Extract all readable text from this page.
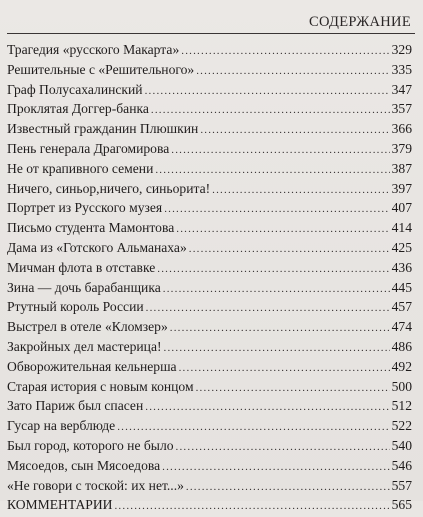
СОДЕРЖАНИЕ
Трагедия «русского Макарта» .....	329
Решительные с «Решительного» .....	335
Граф Полусахалинский .....	347
Проклятая Доггер-банка .....	357
Известный гражданин Плюшкин .....	366
Пень генерала Драгомирова .....	379
Не от крапивного семени .....	387
Ничего, синьор,ничего, синьорита! .....	397
Портрет из Русского музея .....	407
Письмо студента Мамонтова .....	414
Дама из «Готского Альманаха» .....	425
Мичман флота в отставке .....	436
Зина — дочь барабанщика .....	445
Ртутный король России .....	457
Выстрел в отеле «Кломзер» .....	474
Закройных дел мастерица! .....	486
Обворожительная кельнерша .....	492
Старая история с новым концом .....	500
Зато Париж был спасен .....	512
Гусар на верблюде .....	522
Был город, которого не было .....	540
Мясоедов, сын Мясоедова .....	546
«Не говори с тоской: их нет...» .....	557
КОММЕНТАРИИ .....	565
